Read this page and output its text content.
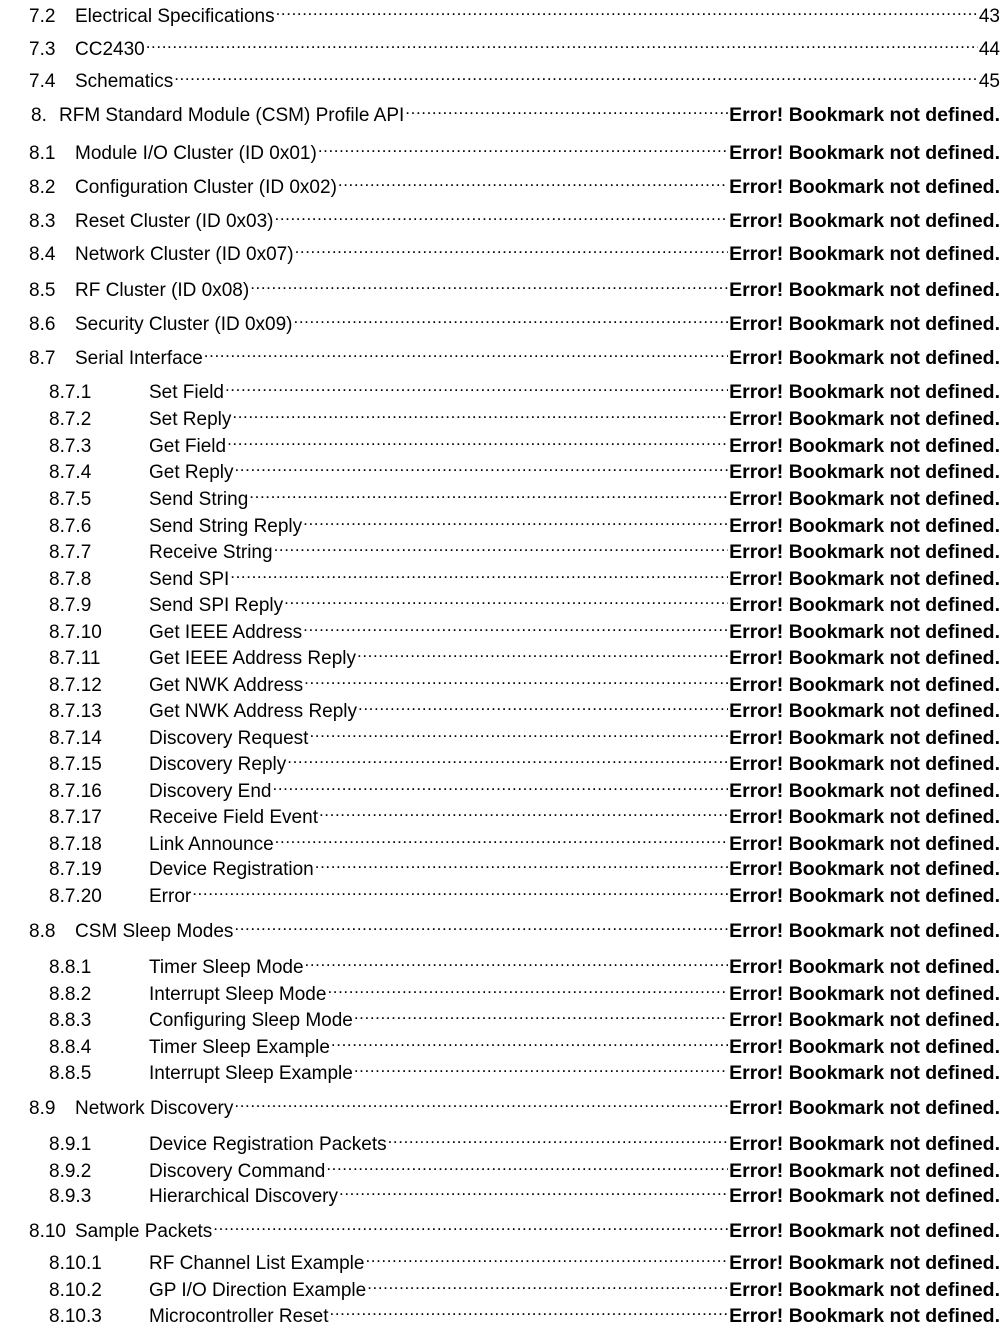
7.2	Electrical Specifications .....	43
7.3	CC2430 .....	44
7.4	Schematics .....	45
8. RFM Standard Module (CSM) Profile API .....	Error! Bookmark not defined.
8.1	Module I/O Cluster (ID 0x01) .....	Error! Bookmark not defined.
8.2	Configuration Cluster (ID 0x02) .....	Error! Bookmark not defined.
8.3	Reset Cluster (ID 0x03) .....	Error! Bookmark not defined.
8.4	Network Cluster (ID 0x07) .....	Error! Bookmark not defined.
8.5	RF Cluster (ID 0x08) .....	Error! Bookmark not defined.
8.6	Security Cluster (ID 0x09) .....	Error! Bookmark not defined.
8.7	Serial Interface .....	Error! Bookmark not defined.
8.7.1	Set Field .....	Error! Bookmark not defined.
8.7.2	Set Reply .....	Error! Bookmark not defined.
8.7.3	Get Field .....	Error! Bookmark not defined.
8.7.4	Get Reply .....	Error! Bookmark not defined.
8.7.5	Send String .....	Error! Bookmark not defined.
8.7.6	Send String Reply .....	Error! Bookmark not defined.
8.7.7	Receive String .....	Error! Bookmark not defined.
8.7.8	Send SPI .....	Error! Bookmark not defined.
8.7.9	Send SPI Reply .....	Error! Bookmark not defined.
8.7.10	Get IEEE Address .....	Error! Bookmark not defined.
8.7.11	Get IEEE Address Reply .....	Error! Bookmark not defined.
8.7.12	Get NWK Address .....	Error! Bookmark not defined.
8.7.13	Get NWK Address Reply .....	Error! Bookmark not defined.
8.7.14	Discovery Request .....	Error! Bookmark not defined.
8.7.15	Discovery Reply .....	Error! Bookmark not defined.
8.7.16	Discovery End .....	Error! Bookmark not defined.
8.7.17	Receive Field Event .....	Error! Bookmark not defined.
8.7.18	Link Announce .....	Error! Bookmark not defined.
8.7.19	Device Registration .....	Error! Bookmark not defined.
8.7.20	Error .....	Error! Bookmark not defined.
8.8	CSM Sleep Modes .....	Error! Bookmark not defined.
8.8.1	Timer Sleep Mode .....	Error! Bookmark not defined.
8.8.2	Interrupt Sleep Mode .....	Error! Bookmark not defined.
8.8.3	Configuring Sleep Mode .....	Error! Bookmark not defined.
8.8.4	Timer Sleep Example .....	Error! Bookmark not defined.
8.8.5	Interrupt Sleep Example .....	Error! Bookmark not defined.
8.9	Network Discovery .....	Error! Bookmark not defined.
8.9.1	Device Registration Packets .....	Error! Bookmark not defined.
8.9.2	Discovery Command .....	Error! Bookmark not defined.
8.9.3	Hierarchical Discovery .....	Error! Bookmark not defined.
8.10 Sample Packets .....	Error! Bookmark not defined.
8.10.1	RF Channel List Example .....	Error! Bookmark not defined.
8.10.2	GP I/O Direction Example .....	Error! Bookmark not defined.
8.10.3	Microcontroller Reset .....	Error! Bookmark not defined.
